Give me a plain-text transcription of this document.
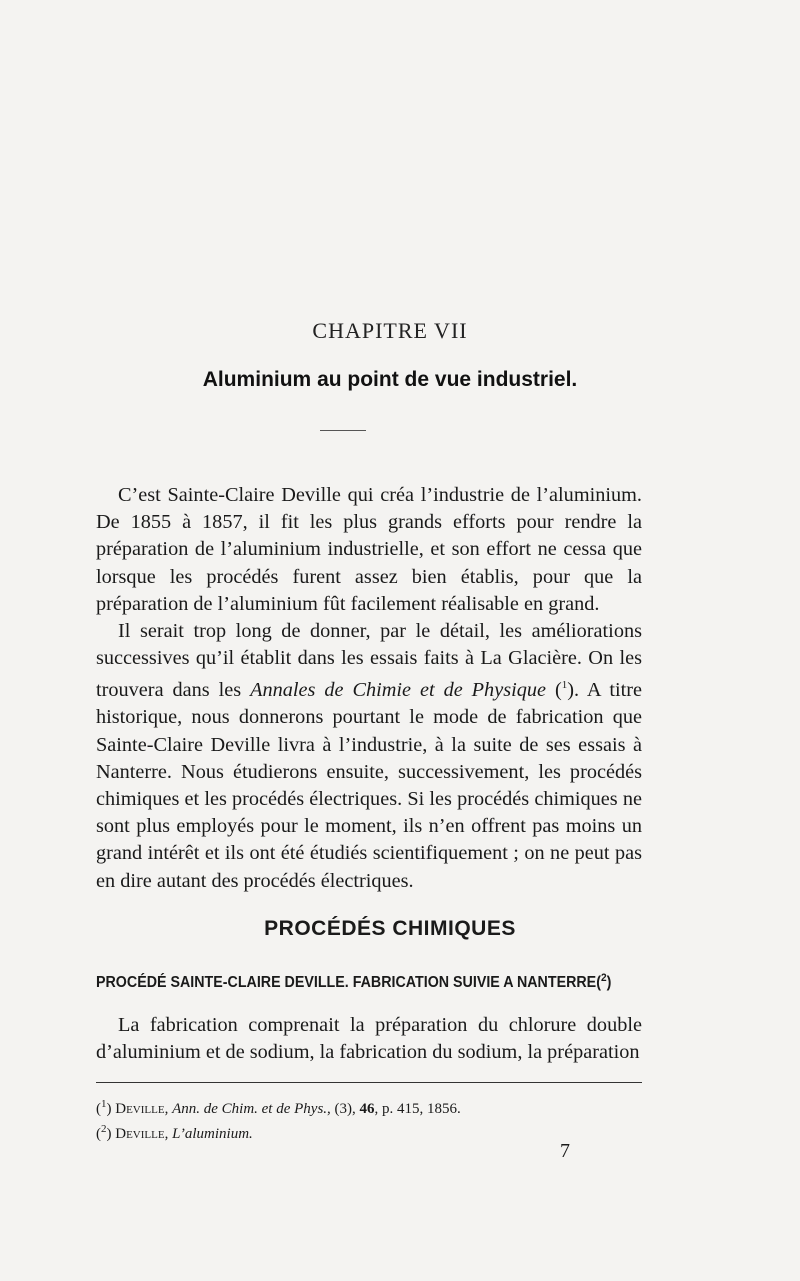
CHAPITRE VII
Aluminium au point de vue industriel.

C’est Sainte-Claire Deville qui créa l’industrie de l’aluminium. De 1855 à 1857, il fit les plus grands efforts pour rendre la préparation de l’aluminium industrielle, et son effort ne cessa que lorsque les procédés furent assez bien établis, pour que la préparation de l’aluminium fût facilement réalisable en grand.

Il serait trop long de donner, par le détail, les améliorations successives qu’il établit dans les essais faits à La Glacière. On les trouvera dans les Annales de Chimie et de Physique ($^1$). A titre historique, nous donnerons pourtant le mode de fabrication que Sainte-Claire Deville livra à l’industrie, à la suite de ses essais à Nanterre. Nous étudierons ensuite, successivement, les procédés chimiques et les procédés électriques. Si les procédés chimiques ne sont plus employés pour le moment, ils n’en offrent pas moins un grand intérêt et ils ont été étudiés scientifiquement ; on ne peut pas en dire autant des procédés électriques.

PROCÉDÉS CHIMIQUES
PROCÉDÉ SAINTE-CLAIRE DEVILLE. FABRICATION SUIVIE A NANTERRE($^2$)

La fabrication comprenait la préparation du chlorure double d’aluminium et de sodium, la fabrication du sodium, la préparation

($^1$) Deville, Ann. de Chim. et de Phys., (3), 46, p. 415, 1856.
($^2$) Deville, L’aluminium.
7
